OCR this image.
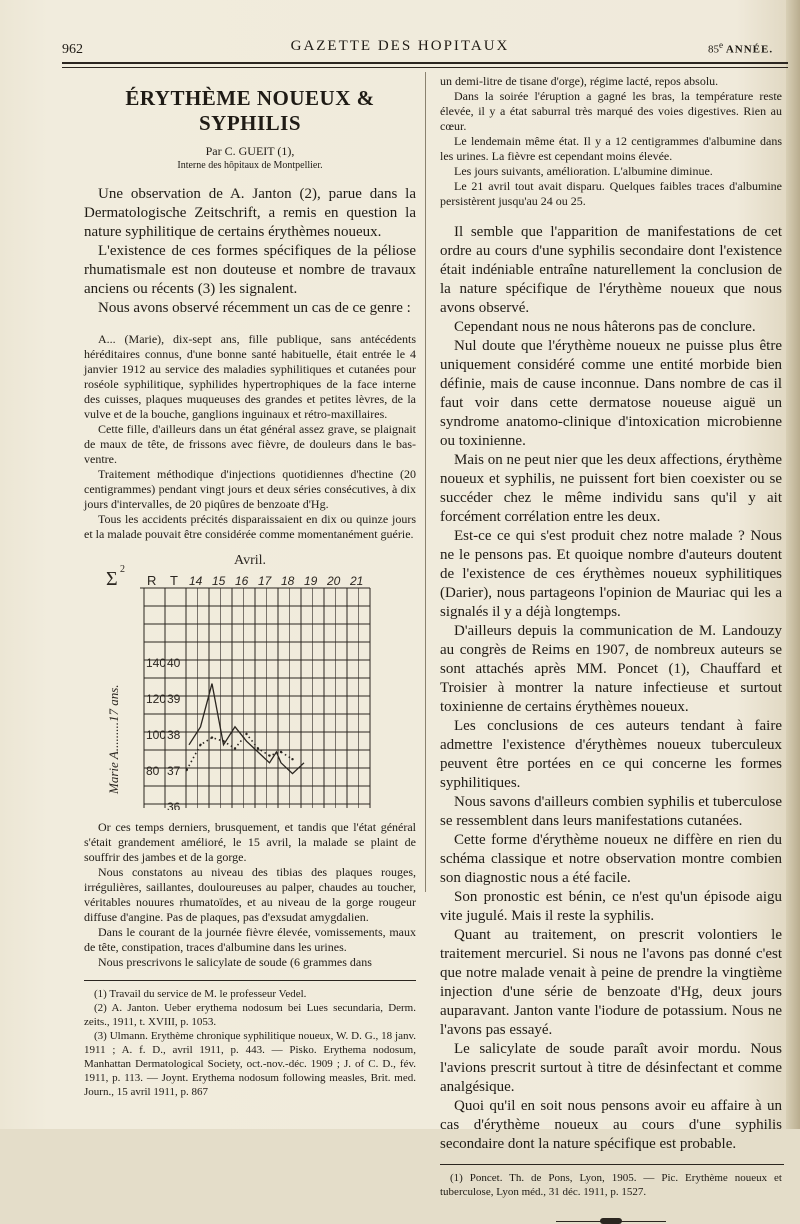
962	GAZETTE DES HOPITAUX	85e ANNÉE.
ÉRYTHÈME NOUEUX & SYPHILIS
Par C. GUEIT (1),
Interne des hôpitaux de Montpellier.

Une observation de A. Janton (2), parue dans la Dermatologische Zeitschrift, a remis en question la nature syphilitique de certains érythèmes noueux.

L'existence de ces formes spécifiques de la péliose rhumatismale est non douteuse et nombre de travaux anciens ou récents (3) les signalent.

Nous avons observé récemment un cas de ce genre :

A... (Marie), dix-sept ans, fille publique, sans antécédents héréditaires connus, d'une bonne santé habituelle, était entrée le 4 janvier 1912 au service des maladies syphilitiques et cutanées pour roséole syphilitique, syphilides hypertrophiques de la face interne des cuisses, plaques muqueuses des grandes et petites lèvres, de la vulve et de la bouche, ganglions inguinaux et rétro-maxillaires.

Cette fille, d'ailleurs dans un état général assez grave, se plaignait de maux de tête, de frissons avec fièvre, de douleurs dans le bas-ventre.

Traitement méthodique d'injections quotidiennes d'hectine (20 centigrammes) pendant vingt jours et deux séries consécutives, à dix jours d'intervalles, de 20 piqûres de benzoate d'Hg.

Tous les accidents précités disparaissaient en dix ou quinze jours et la malade pouvait être considérée comme momentanément guérie.

Avril.
Σ 2
R T 14 15 16 17 18 19 20 21
140
120
100
80
40
39
38
37
36
Marie A.........17 ans.

Or ces temps derniers, brusquement, et tandis que l'état général s'était grandement amélioré, le 15 avril, la malade se plaint de souffrir des jambes et de la gorge.

Nous constatons au niveau des tibias des plaques rouges, irrégulières, saillantes, douloureuses au palper, chaudes au toucher, véritables nouures rhumatoïdes, et au niveau de la gorge rougeur diffuse d'angine. Pas de plaques, pas d'exsudat amygdalien.

Dans le courant de la journée fièvre élevée, vomissements, maux de tête, constipation, traces d'albumine dans les urines.

Nous prescrivons le salicylate de soude (6 grammes dans

(1) Travail du service de M. le professeur Vedel.

(2) A. Janton. Ueber erythema nodosum bei Lues secundaria, Derm. zeits., 1911, t. XVIII, p. 1053.

(3) Ulmann. Erythème chronique syphilitique noueux, W. D. G., 18 janv. 1911 ; A. f. D., avril 1911, p. 443. — Pisko. Erythema nodosum, Manhattan Dermatological Society, oct.-nov.-déc. 1909 ; J. of C. D., fév. 1911, p. 113. — Joynt. Erythema nodosum following measles, Brit. med. Journ., 15 avril 1911, p. 867

un demi-litre de tisane d'orge), régime lacté, repos absolu.

Dans la soirée l'éruption a gagné les bras, la température reste élevée, il y a état saburral très marqué des voies digestives. Rien au cœur.

Le lendemain même état. Il y a 12 centigrammes d'albumine dans les urines. La fièvre est cependant moins élevée.

Les jours suivants, amélioration. L'albumine diminue.

Le 21 avril tout avait disparu. Quelques faibles traces d'albumine persistèrent jusqu'au 24 ou 25.

Il semble que l'apparition de manifestations de cet ordre au cours d'une syphilis secondaire dont l'existence était indéniable entraîne naturellement la conclusion de la nature spécifique de l'érythème noueux que nous avons observé.

Cependant nous ne nous hâterons pas de conclure.

Nul doute que l'érythème noueux ne puisse plus être uniquement considéré comme une entité morbide bien définie, mais de cause inconnue. Dans nombre de cas il faut voir dans cette dermatose noueuse aiguë un syndrome anatomo-clinique d'intoxication microbienne ou toxinienne.

Mais on ne peut nier que les deux affections, érythème noueux et syphilis, ne puissent fort bien coexister ou se succéder chez le même individu sans qu'il y ait forcément corrélation entre les deux.

Est-ce ce qui s'est produit chez notre malade ? Nous ne le pensons pas. Et quoique nombre d'auteurs doutent de l'existence de ces érythèmes noueux syphilitiques (Darier), nous partageons l'opinion de Mauriac qui les a signalés il y a déjà longtemps.

D'ailleurs depuis la communication de M. Landouzy au congrès de Reims en 1907, de nombreux auteurs se sont attachés après MM. Poncet (1), Chauffard et Troisier à montrer la nature infectieuse et surtout toxinienne de certains érythèmes noueux.

Les conclusions de ces auteurs tendant à faire admettre l'existence d'érythèmes noueux tuberculeux peuvent être portées en ce qui concerne les formes syphilitiques.

Nous savons d'ailleurs combien syphilis et tuberculose se ressemblent dans leurs manifestations cutanées.

Cette forme d'érythème noueux ne diffère en rien du schéma classique et notre observation montre combien son diagnostic nous a été facile.

Son pronostic est bénin, ce n'est qu'un épisode aigu vite jugulé. Mais il reste la syphilis.

Quant au traitement, on prescrit volontiers le traitement mercuriel. Si nous ne l'avons pas donné c'est que notre malade venait à peine de prendre la vingtième injection d'une série de benzoate d'Hg, deux jours auparavant. Janton vante l'iodure de potassium. Nous ne l'avons pas essayé.

Le salicylate de soude paraît avoir mordu. Nous l'avions prescrit surtout à titre de désinfectant et comme analgésique.

Quoi qu'il en soit nous pensons avoir eu affaire à un cas d'érythème noueux au cours d'une syphilis secondaire dont la nature spécifique est probable.

(1) Poncet. Th. de Pons, Lyon, 1905. — Pic. Erythème noueux et tuberculose, Lyon méd., 31 déc. 1911, p. 1527.
